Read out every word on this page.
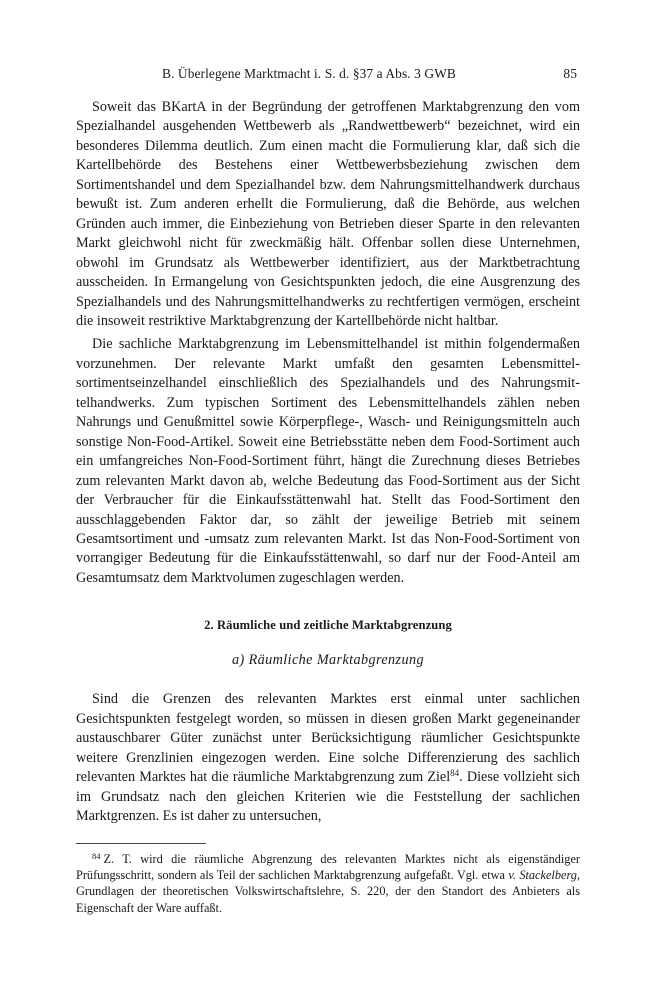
B. Überlegene Marktmacht i. S. d. §37 a Abs. 3 GWB	85

Soweit das BKartA in der Begründung der getroffenen Marktabgrenzung den vom Spezialhandel ausgehenden Wettbewerb als „Randwettbewerb“ bezeichnet, wird ein besonderes Dilemma deutlich. Zum einen macht die Formulierung klar, daß sich die Kartellbehörde des Bestehens einer Wettbewerbsbeziehung zwischen dem Sortimentshandel und dem Spezialhandel bzw. dem Nahrungsmittelhandwerk durchaus bewußt ist. Zum anderen erhellt die Formulierung, daß die Behörde, aus welchen Gründen auch immer, die Einbeziehung von Betrieben dieser Sparte in den relevanten Markt gleichwohl nicht für zweckmäßig hält. Offenbar sollen diese Unternehmen, obwohl im Grundsatz als Wettbewerber identifiziert, aus der Marktbetrachtung ausscheiden. In Ermangelung von Gesichtspunkten jedoch, die eine Ausgrenzung des Spezialhandels und des Nahrungsmittelhandwerks zu rechtfertigen vermögen, erscheint die insoweit restriktive Marktabgrenzung der Kartellbehörde nicht haltbar.

Die sachliche Marktabgrenzung im Lebensmittelhandel ist mithin folgendermaßen vorzunehmen. Der relevante Markt umfaßt den gesamten Lebensmittelsortimentseinzelhandel einschließlich des Spezialhandels und des Nahrungsmittelhandwerks. Zum typischen Sortiment des Lebensmittelhandels zählen neben Nahrungs und Genußmittel sowie Körperpflege-, Wasch- und Reinigungsmitteln auch sonstige Non-Food-Artikel. Soweit eine Betriebsstätte neben dem Food-Sortiment auch ein umfangreiches Non-Food-Sortiment führt, hängt die Zurechnung dieses Betriebes zum relevanten Markt davon ab, welche Bedeutung das Food-Sortiment aus der Sicht der Verbraucher für die Einkaufsstättenwahl hat. Stellt das Food-Sortiment den ausschlaggebenden Faktor dar, so zählt der jeweilige Betrieb mit seinem Gesamtsortiment und -umsatz zum relevanten Markt. Ist das Non-Food-Sortiment von vorrangiger Bedeutung für die Einkaufsstättenwahl, so darf nur der Food-Anteil am Gesamtumsatz dem Marktvolumen zugeschlagen werden.

2. Räumliche und zeitliche Marktabgrenzung
a) Räumliche Marktabgrenzung

Sind die Grenzen des relevanten Marktes erst einmal unter sachlichen Gesichtspunkten festgelegt worden, so müssen in diesen großen Markt gegeneinander austauschbarer Güter zunächst unter Berücksichtigung räumlicher Gesichtspunkte weitere Grenzlinien eingezogen werden. Eine solche Differenzierung des sachlich relevanten Marktes hat die räumliche Marktabgrenzung zum Ziel$^{84}$. Diese vollzieht sich im Grundsatz nach den gleichen Kriterien wie die Feststellung der sachlichen Marktgrenzen. Es ist daher zu untersuchen,

$^{84}$ Z. T. wird die räumliche Abgrenzung des relevanten Marktes nicht als eigenständiger Prüfungsschritt, sondern als Teil der sachlichen Marktabgrenzung aufgefaßt. Vgl. etwa v. Stackelberg, Grundlagen der theoretischen Volkswirtschaftslehre, S. 220, der den Standort des Anbieters als Eigenschaft der Ware auffaßt.
